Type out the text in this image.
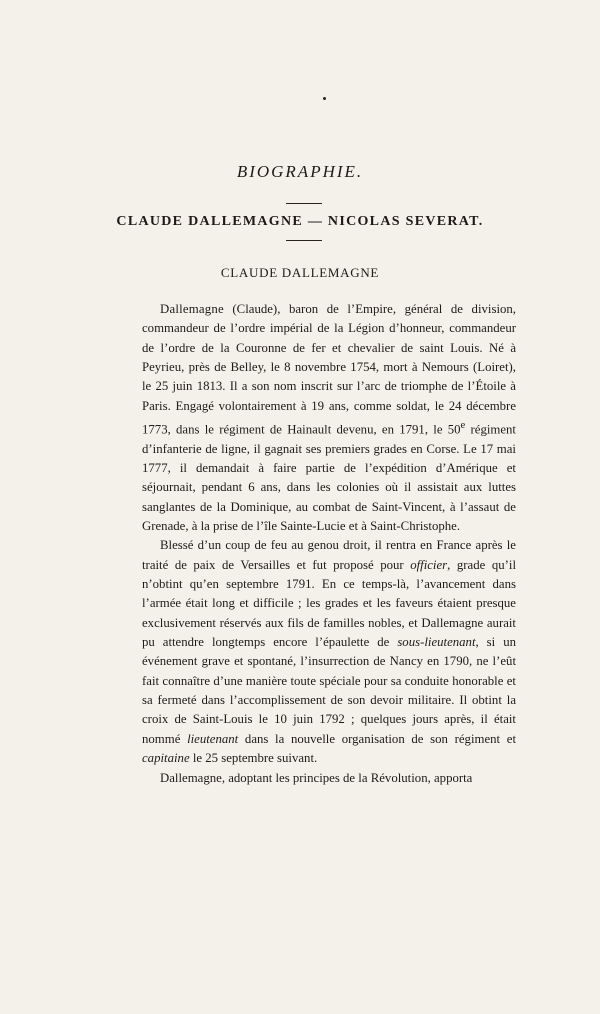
BIOGRAPHIE.
CLAUDE DALLEMAGNE — NICOLAS SEVERAT.
CLAUDE DALLEMAGNE

Dallemagne (Claude), baron de l’Empire, général de division, commandeur de l’ordre impérial de la Légion d’honneur, commandeur de l’ordre de la Couronne de fer et chevalier de saint Louis. Né à Peyrieu, près de Belley, le 8 novembre 1754, mort à Nemours (Loiret), le 25 juin 1813. Il a son nom inscrit sur l’arc de triomphe de l’Étoile à Paris. Engagé volontairement à 19 ans, comme soldat, le 24 décembre 1773, dans le régiment de Hainault devenu, en 1791, le 50e régiment d’infanterie de ligne, il gagnait ses premiers grades en Corse. Le 17 mai 1777, il demandait à faire partie de l’expédition d’Amérique et séjournait, pendant 6 ans, dans les colonies où il assistait aux luttes sanglantes de la Dominique, au combat de Saint-Vincent, à l’assaut de Grenade, à la prise de l’île Sainte-Lucie et à Saint-Christophe.

Blessé d’un coup de feu au genou droit, il rentra en France après le traité de paix de Versailles et fut proposé pour officier, grade qu’il n’obtint qu’en septembre 1791. En ce temps-là, l’avancement dans l’armée était long et difficile ; les grades et les faveurs étaient presque exclusivement réservés aux fils de familles nobles, et Dallemagne aurait pu attendre longtemps encore l’épaulette de sous-lieutenant, si un événement grave et spontané, l’insurrection de Nancy en 1790, ne l’eût fait connaître d’une manière toute spéciale pour sa conduite honorable et sa fermeté dans l’accomplissement de son devoir militaire. Il obtint la croix de Saint-Louis le 10 juin 1792 ; quelques jours après, il était nommé lieutenant dans la nouvelle organisation de son régiment et capitaine le 25 septembre suivant.

Dallemagne, adoptant les principes de la Révolution, apporta
